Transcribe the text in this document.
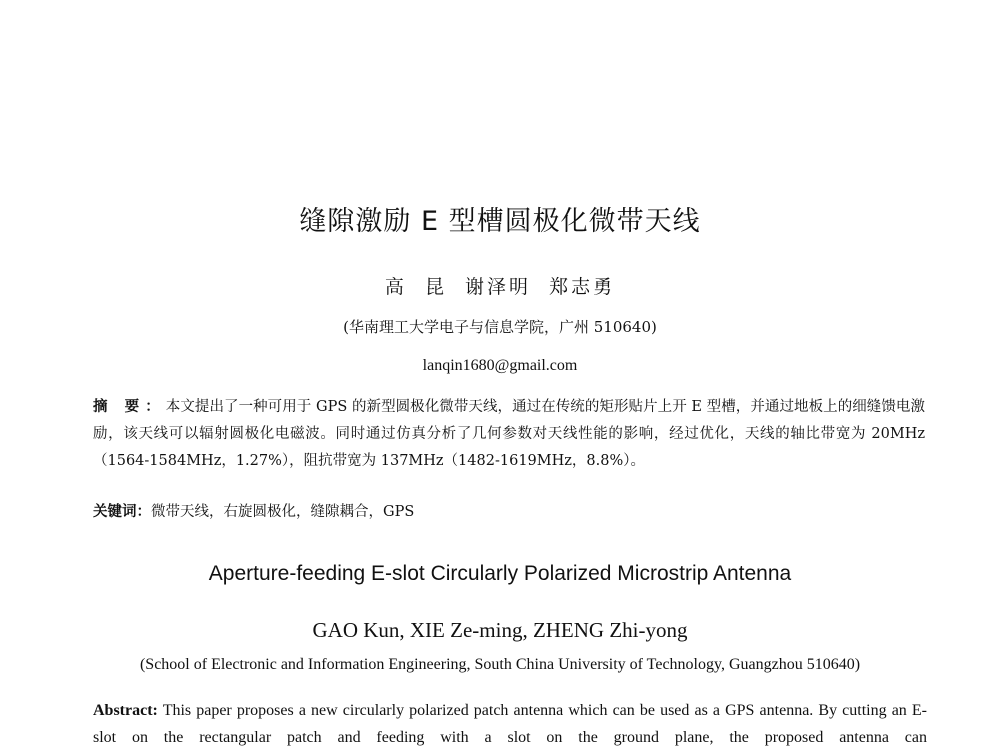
缝隙激励 E 型槽圆极化微带天线
高  昆  谢泽明  郑志勇
(华南理工大学电子与信息学院，广州 510640)
lanqin1680@gmail.com
摘 要：本文提出了一种可用于 GPS 的新型圆极化微带天线，通过在传统的矩形贴片上开 E 型槽，并通过地板上的细缝馈电激励，该天线可以辐射圆极化电磁波。同时通过仿真分析了几何参数对天线性能的影响，经过优化，天线的轴比带宽为 20MHz（1564-1584MHz，1.27%），阻抗带宽为 137MHz（1482-1619MHz，8.8%）。
关键词：微带天线，右旋圆极化，缝隙耦合，GPS
Aperture-feeding E-slot Circularly Polarized Microstrip Antenna
GAO Kun, XIE Ze-ming, ZHENG Zhi-yong
(School of Electronic and Information Engineering, South China University of Technology, Guangzhou 510640)
Abstract: This paper proposes a new circularly polarized patch antenna which can be used as a GPS antenna. By cutting an E-slot on the rectangular patch and feeding with a slot on the ground plane, the proposed antenna can
